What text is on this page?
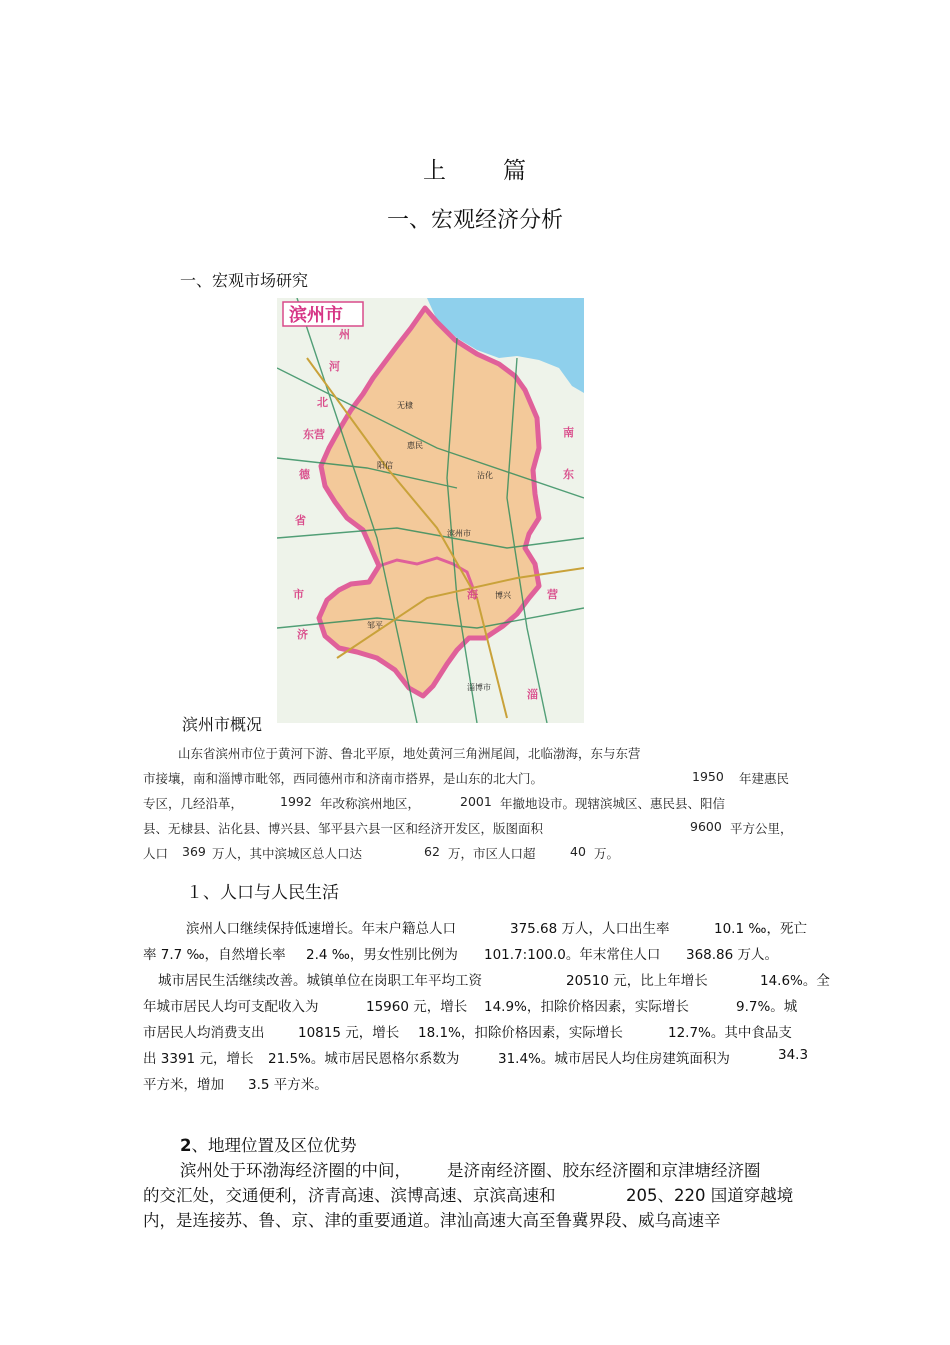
上 篇
一、宏观经济分析
一、宏观市场研究
州
河
北
东营
德
省
市
济
南
东
营
淄
海
阳信
惠民
无棣
沾化
滨州市
博兴
邹平
淄博市
滨州市
滨州市概况
山东省滨州市位于黄河下游、鲁北平原，地处黄河三角洲尾闾，北临渤海，东与东营
市接壤，南和淄博市毗邻，西同德州市和济南市搭界，是山东的北大门。	1950 年建惠民
专区，几经沿革，	1992 年改称滨州地区，	2001 年撤地设市。现辖滨城区、惠民县、阳信
县、无棣县、沾化县、博兴县、邹平县六县一区和经济开发区，版图面积	9600 平方公里，
人口 369 万人，其中滨城区总人口达	62 万，市区人口超	40 万。
１、人口与人民生活
滨州人口继续保持低速增长。年末户籍总人口	375.68 万人，人口出生率	10.1 ‰，死亡
率 7.7 ‰，自然增长率 2.4 ‰，男女性别比例为 101.7:100.0。年末常住人口 368.86 万人。
城市居民生活继续改善。城镇单位在岗职工年平均工资	20510 元，比上年增长	14.6%。全
年城市居民人均可支配收入为	15960 元，增长 14.9%，扣除价格因素，实际增长	9.7%。城
市居民人均消费支出 10815 元，增长 18.1%，扣除价格因素，实际增长	12.7%。其中食品支
出 3391 元，增长 21.5%。城市居民恩格尔系数为	31.4%。城市居民人均住房建筑面积为	34.3
平方米，增加 3.5 平方米。
2、地理位置及区位优势
滨州处于环渤海经济圈的中间， 是济南经济圈、胶东经济圈和京津塘经济圈
的交汇处，交通便利，济青高速、滨博高速、京滨高速和	205、220 国道穿越境
内，是连接苏、鲁、京、津的重要通道。津汕高速大高至鲁冀界段、威乌高速辛
